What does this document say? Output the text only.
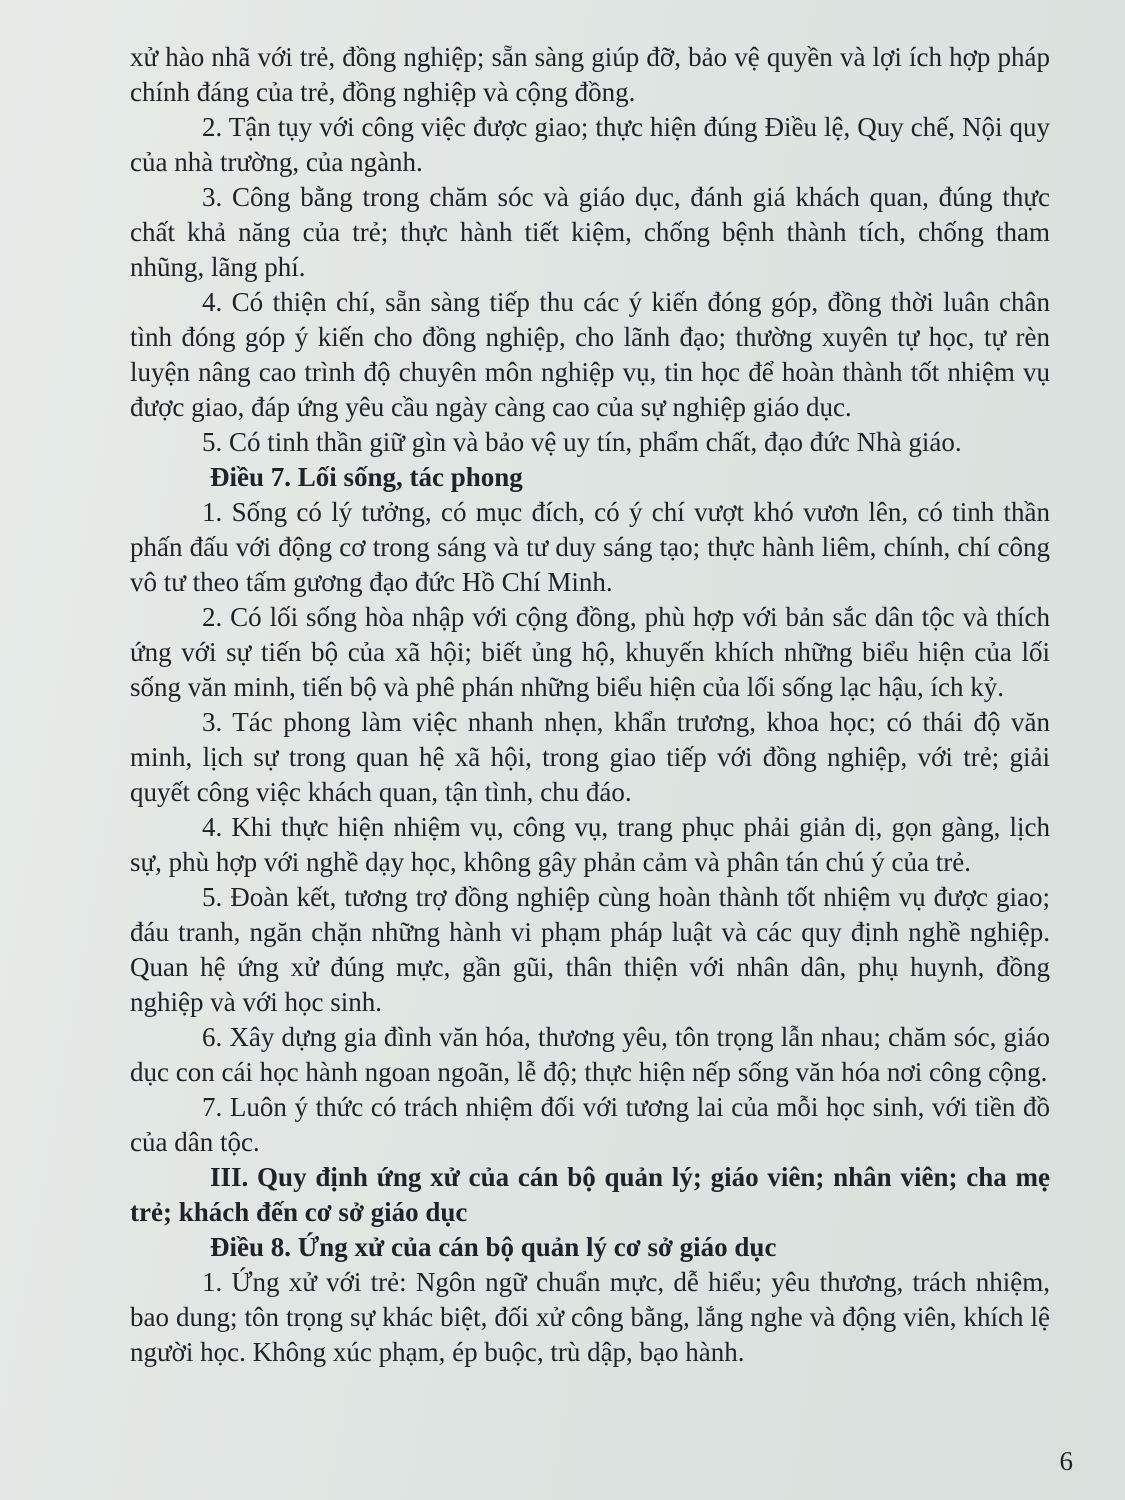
xử hào nhã với trẻ, đồng nghiệp; sẵn sàng giúp đỡ, bảo vệ quyền và lợi ích hợp pháp chính đáng của trẻ, đồng nghiệp và cộng đồng.

2. Tận tụy với công việc được giao; thực hiện đúng Điều lệ, Quy chế, Nội quy của nhà trường, của ngành.

3. Công bằng trong chăm sóc và giáo dục, đánh giá khách quan, đúng thực chất khả năng của trẻ; thực hành tiết kiệm, chống bệnh thành tích, chống tham nhũng, lãng phí.

4. Có thiện chí, sẵn sàng tiếp thu các ý kiến đóng góp, đồng thời luân chân tình đóng góp ý kiến cho đồng nghiệp, cho lãnh đạo; thường xuyên tự học, tự rèn luyện nâng cao trình độ chuyên môn nghiệp vụ, tin học để hoàn thành tốt nhiệm vụ được giao, đáp ứng yêu cầu ngày càng cao của sự nghiệp giáo dục.

5. Có tinh thần giữ gìn và bảo vệ uy tín, phẩm chất, đạo đức Nhà giáo.

Điều 7. Lối sống, tác phong

1. Sống có lý tưởng, có mục đích, có ý chí vượt khó vươn lên, có tinh thần phấn đấu với động cơ trong sáng và tư duy sáng tạo; thực hành liêm, chính, chí công vô tư theo tấm gương đạo đức Hồ Chí Minh.

2. Có lối sống hòa nhập với cộng đồng, phù hợp với bản sắc dân tộc và thích ứng với sự tiến bộ của xã hội; biết ủng hộ, khuyến khích những biểu hiện của lối sống văn minh, tiến bộ và phê phán những biểu hiện của lối sống lạc hậu, ích kỷ.

3. Tác phong làm việc nhanh nhẹn, khẩn trương, khoa học; có thái độ văn minh, lịch sự trong quan hệ xã hội, trong giao tiếp với đồng nghiệp, với trẻ; giải quyết công việc khách quan, tận tình, chu đáo.

4. Khi thực hiện nhiệm vụ, công vụ, trang phục phải giản dị, gọn gàng, lịch sự, phù hợp với nghề dạy học, không gây phản cảm và phân tán chú ý của trẻ.

5. Đoàn kết, tương trợ đồng nghiệp cùng hoàn thành tốt nhiệm vụ được giao; đáu tranh, ngăn chặn những hành vi phạm pháp luật và các quy định nghề nghiệp. Quan hệ ứng xử đúng mực, gần gũi, thân thiện với nhân dân, phụ huynh, đồng nghiệp và với học sinh.

6. Xây dựng gia đình văn hóa, thương yêu, tôn trọng lẫn nhau; chăm sóc, giáo dục con cái học hành ngoan ngoãn, lễ độ; thực hiện nếp sống văn hóa nơi công cộng.

7. Luôn ý thức có trách nhiệm đối với tương lai của mỗi học sinh, với tiền đồ của dân tộc.

III. Quy định ứng xử của cán bộ quản lý; giáo viên; nhân viên; cha mẹ trẻ; khách đến cơ sở giáo dục

Điều 8. Ứng xử của cán bộ quản lý cơ sở giáo dục

1. Ứng xử với trẻ: Ngôn ngữ chuẩn mực, dễ hiểu; yêu thương, trách nhiệm, bao dung; tôn trọng sự khác biệt, đối xử công bằng, lắng nghe và động viên, khích lệ người học. Không xúc phạm, ép buộc, trù dập, bạo hành.

6
